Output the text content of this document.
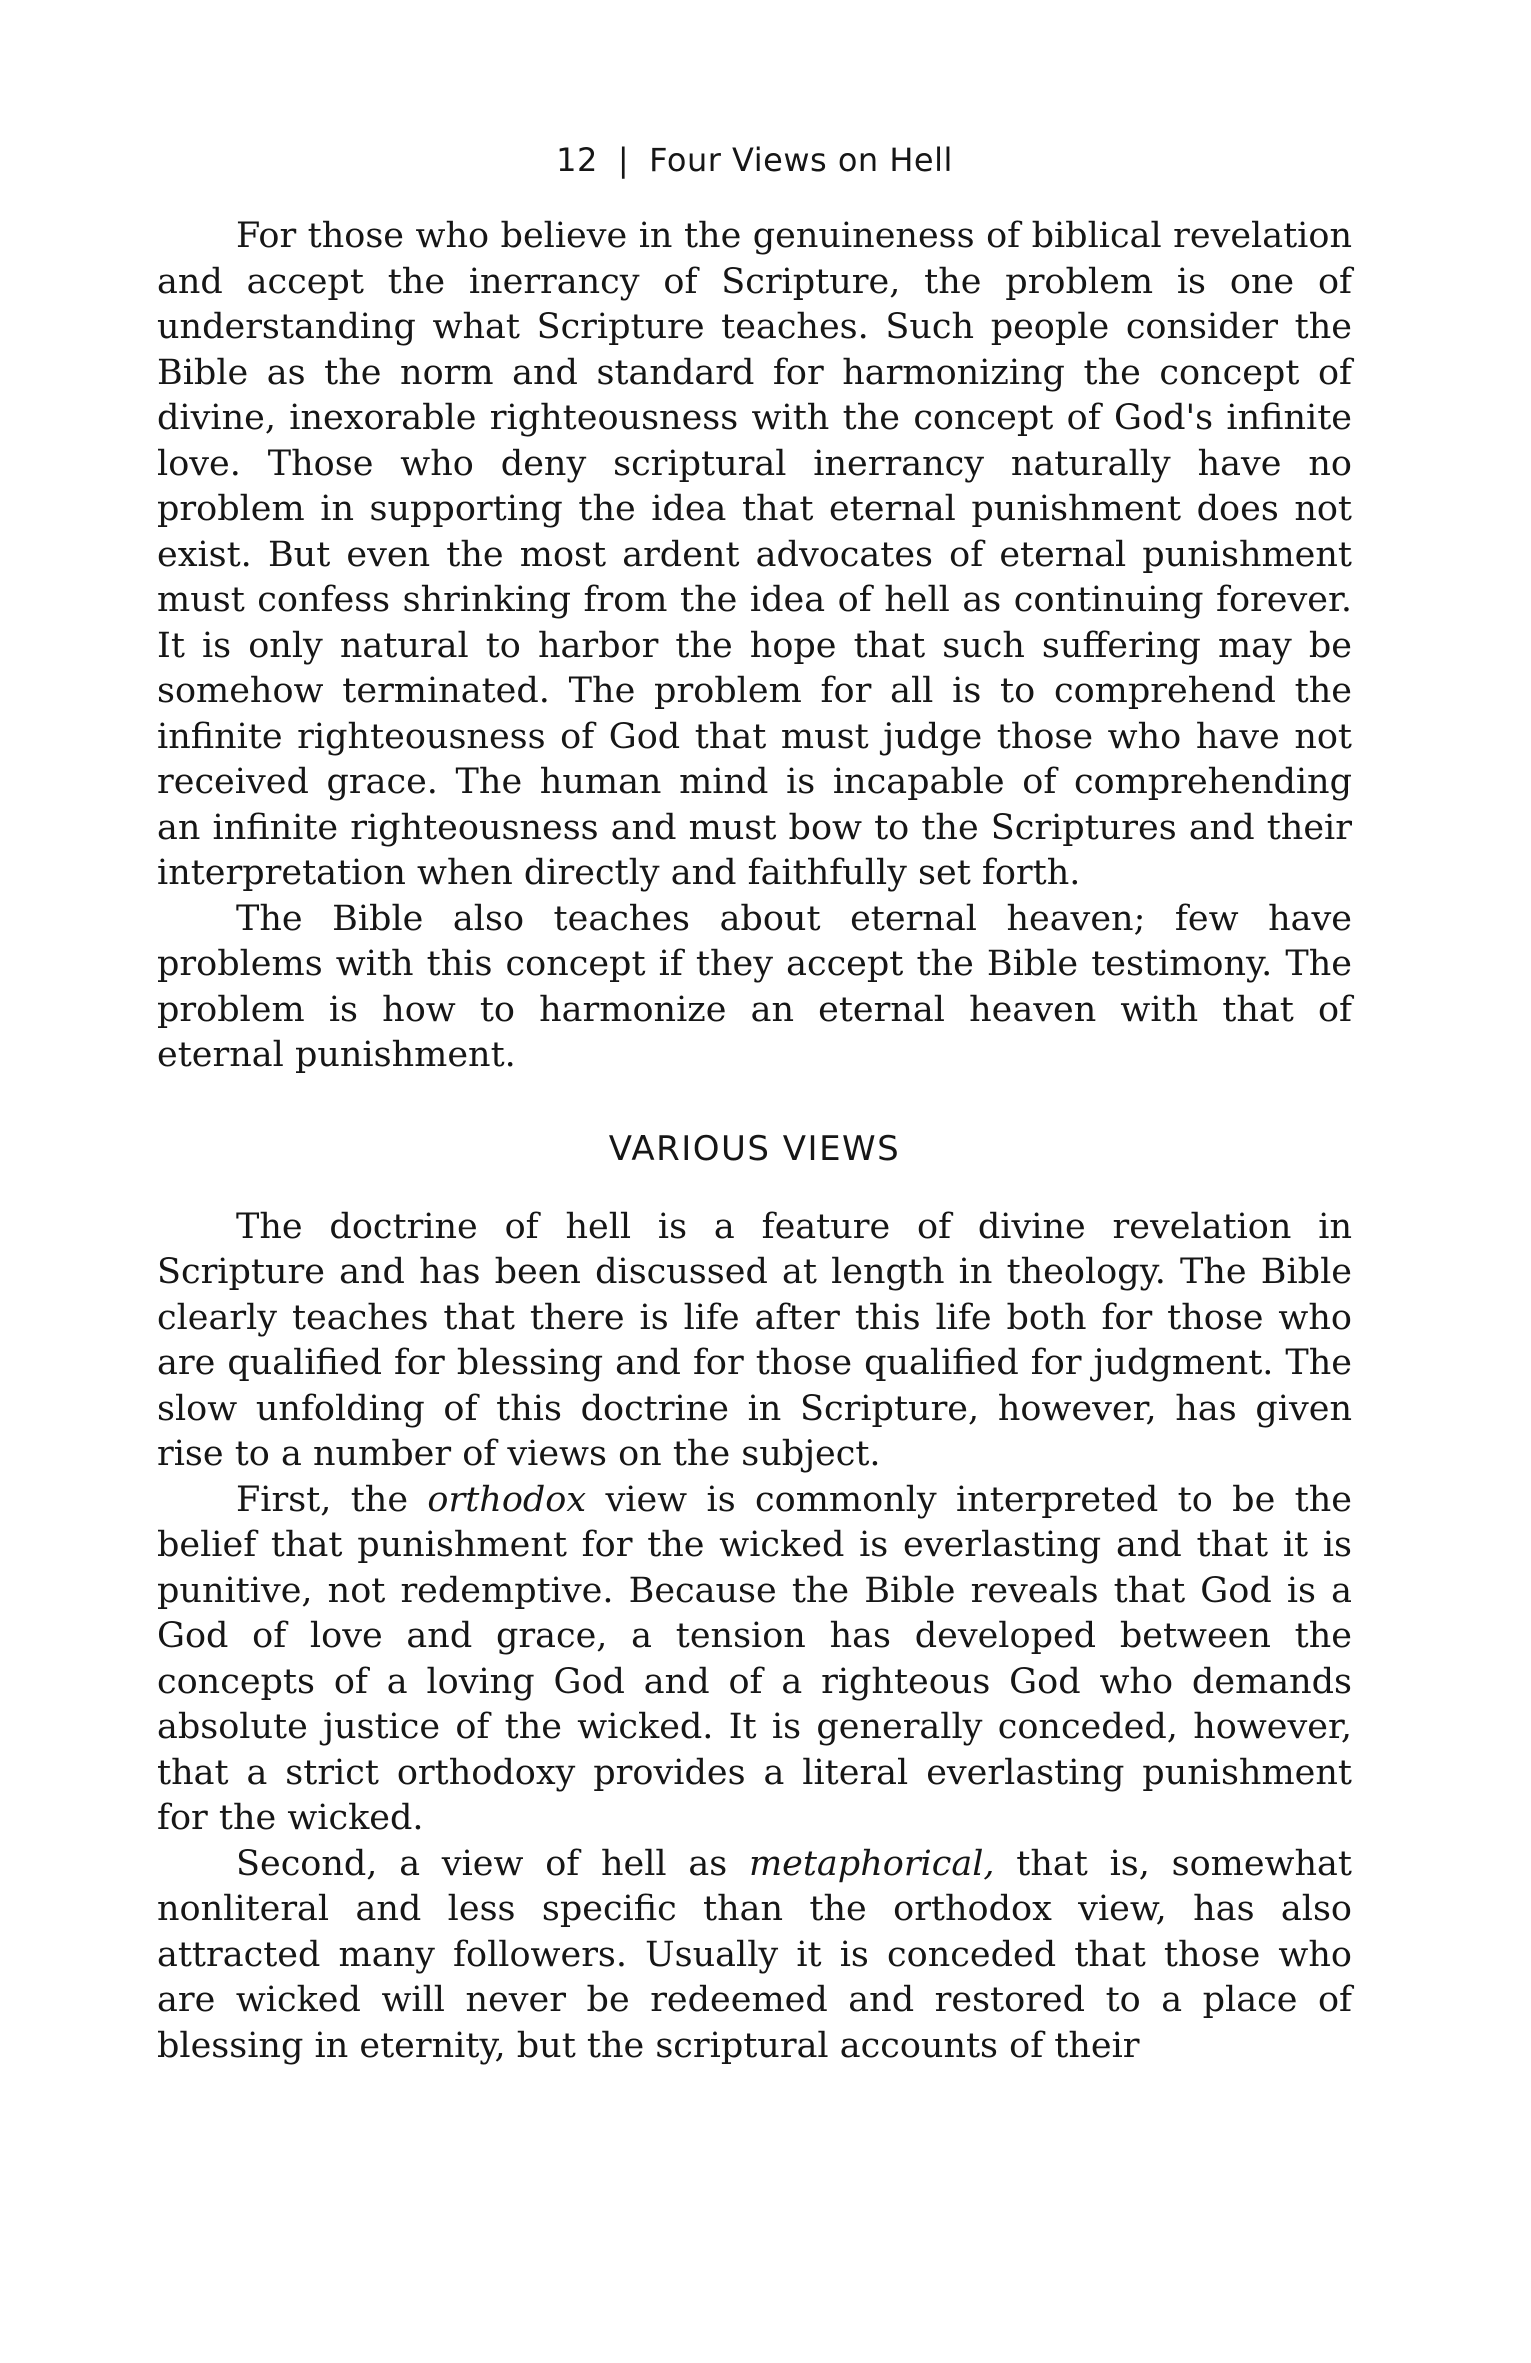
12 | Four Views on Hell

For those who believe in the genuineness of biblical revelation and accept the inerrancy of Scripture, the problem is one of understanding what Scripture teaches. Such people consider the Bible as the norm and standard for harmonizing the concept of divine, inexorable righteousness with the concept of God's infinite love. Those who deny scriptural inerrancy naturally have no problem in supporting the idea that eternal punishment does not exist. But even the most ardent advocates of eternal punishment must confess shrinking from the idea of hell as continuing forever. It is only natural to harbor the hope that such suffering may be somehow terminated. The problem for all is to comprehend the infinite righteousness of God that must judge those who have not received grace. The human mind is incapable of comprehending an infinite righteousness and must bow to the Scriptures and their interpretation when directly and faithfully set forth.

The Bible also teaches about eternal heaven; few have problems with this concept if they accept the Bible testimony. The problem is how to harmonize an eternal heaven with that of eternal punishment.

VARIOUS VIEWS

The doctrine of hell is a feature of divine revelation in Scripture and has been discussed at length in theology. The Bible clearly teaches that there is life after this life both for those who are qualified for blessing and for those qualified for judgment. The slow unfolding of this doctrine in Scripture, however, has given rise to a number of views on the subject.

First, the orthodox view is commonly interpreted to be the belief that punishment for the wicked is everlasting and that it is punitive, not redemptive. Because the Bible reveals that God is a God of love and grace, a tension has developed between the concepts of a loving God and of a righteous God who demands absolute justice of the wicked. It is generally conceded, however, that a strict orthodoxy provides a literal everlasting punishment for the wicked.

Second, a view of hell as metaphorical, that is, somewhat nonliteral and less specific than the orthodox view, has also attracted many followers. Usually it is conceded that those who are wicked will never be redeemed and restored to a place of blessing in eternity, but the scriptural accounts of their
